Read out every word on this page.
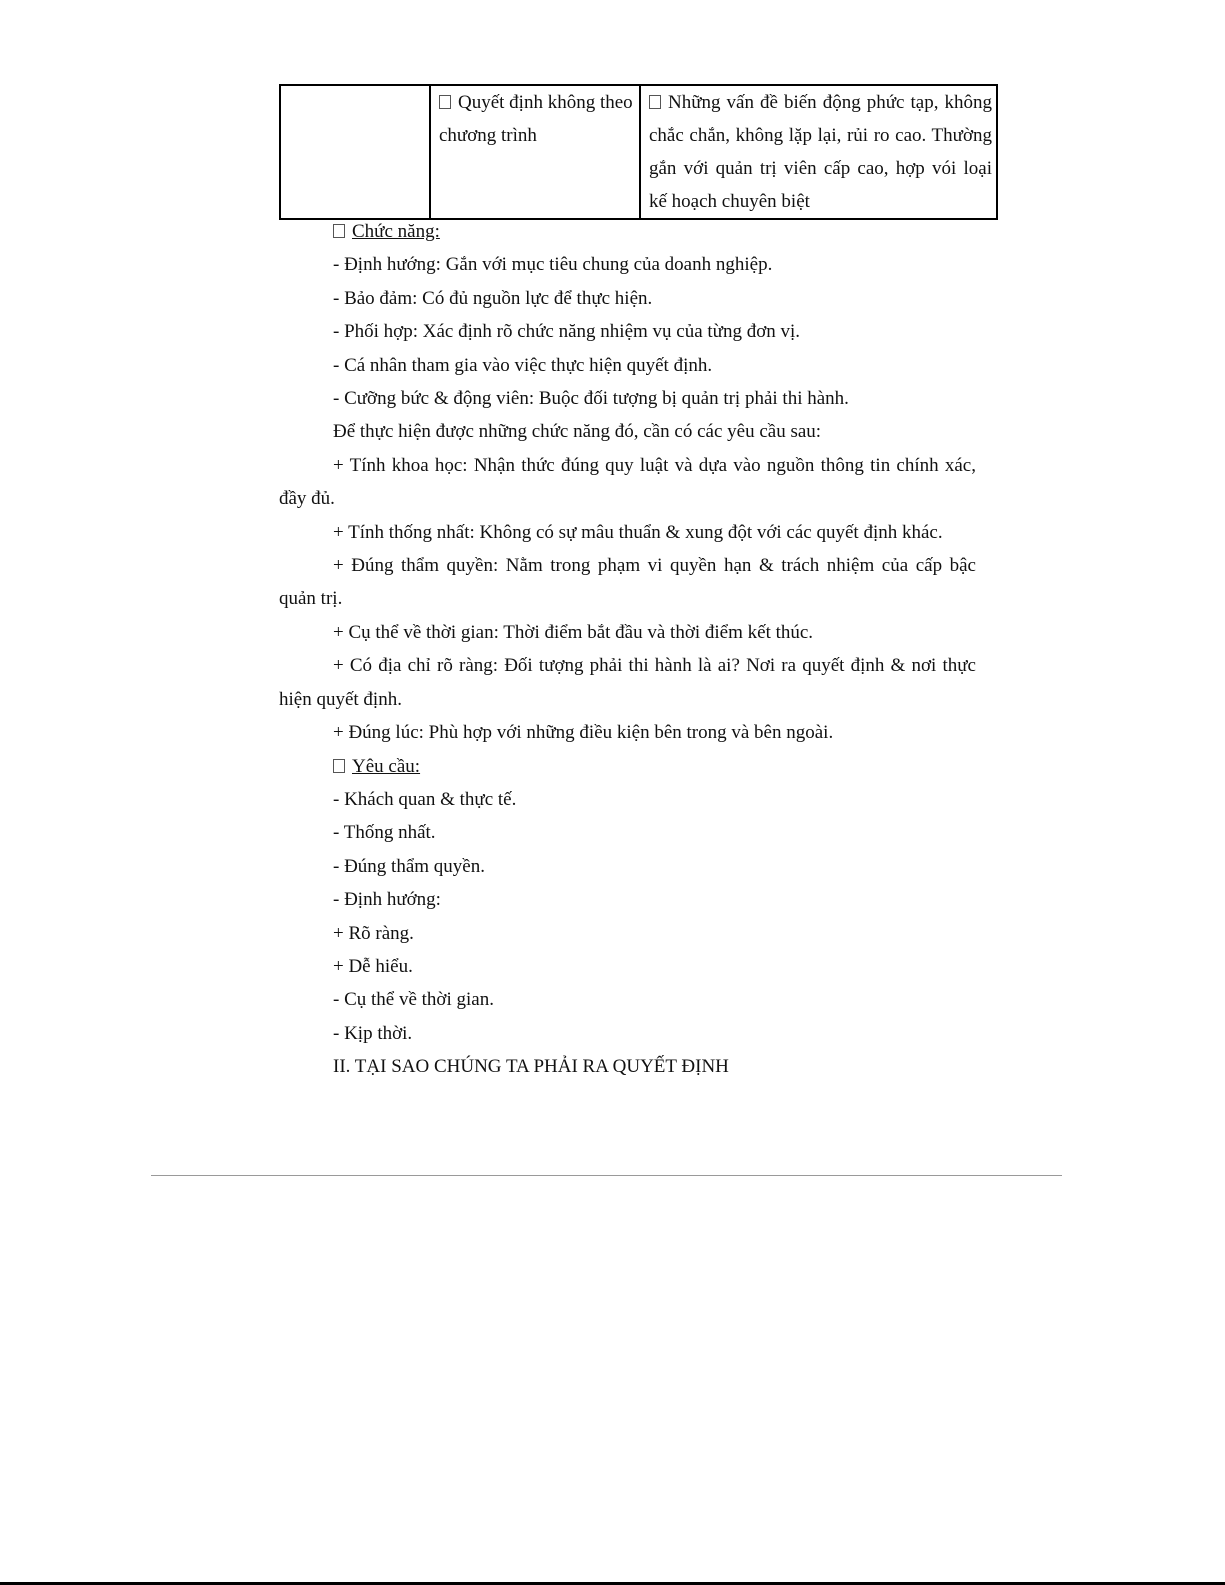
	Quyết định không theo chương trình	Những vấn đề biến động phức tạp, không chắc chắn, không lặp lại, rủi ro cao. Thường gắn với quản trị viên cấp cao, hợp vói loại kế hoạch chuyên biệt
Chức năng:
- Định hướng: Gắn với mục tiêu chung của doanh nghiệp.
- Bảo đảm: Có đủ nguồn lực để thực hiện.
- Phối hợp: Xác định rõ chức năng nhiệm vụ của từng đơn vị.
- Cá nhân tham gia vào việc thực hiện quyết định.
- Cưỡng bức & động viên: Buộc đối tượng bị quản trị phải thi hành.
Để thực hiện được những chức năng đó, cần có các yêu cầu sau:
+ Tính khoa học: Nhận thức đúng quy luật và dựa vào nguồn thông tin chính xác,
đầy đủ.
+ Tính thống nhất: Không có sự mâu thuẩn & xung đột với các quyết định khác.
+ Đúng thẩm quyền: Nằm trong phạm vi quyền hạn & trách nhiệm của cấp bậc
quản trị.
+ Cụ thể về thời gian: Thời điểm bắt đầu và thời điểm kết thúc.
+ Có địa chỉ rõ ràng: Đối tượng phải thi hành là ai? Nơi ra quyết định & nơi thực
hiện quyết định.
+ Đúng lúc: Phù hợp với những điều kiện bên trong và bên ngoài.
Yêu cầu:
- Khách quan & thực tế.
- Thống nhất.
- Đúng thẩm quyền.
- Định hướng:
+ Rõ ràng.
+ Dễ hiểu.
- Cụ thể về thời gian.
- Kịp thời.
II. TẠI SAO CHÚNG TA PHẢI RA QUYẾT ĐỊNH
